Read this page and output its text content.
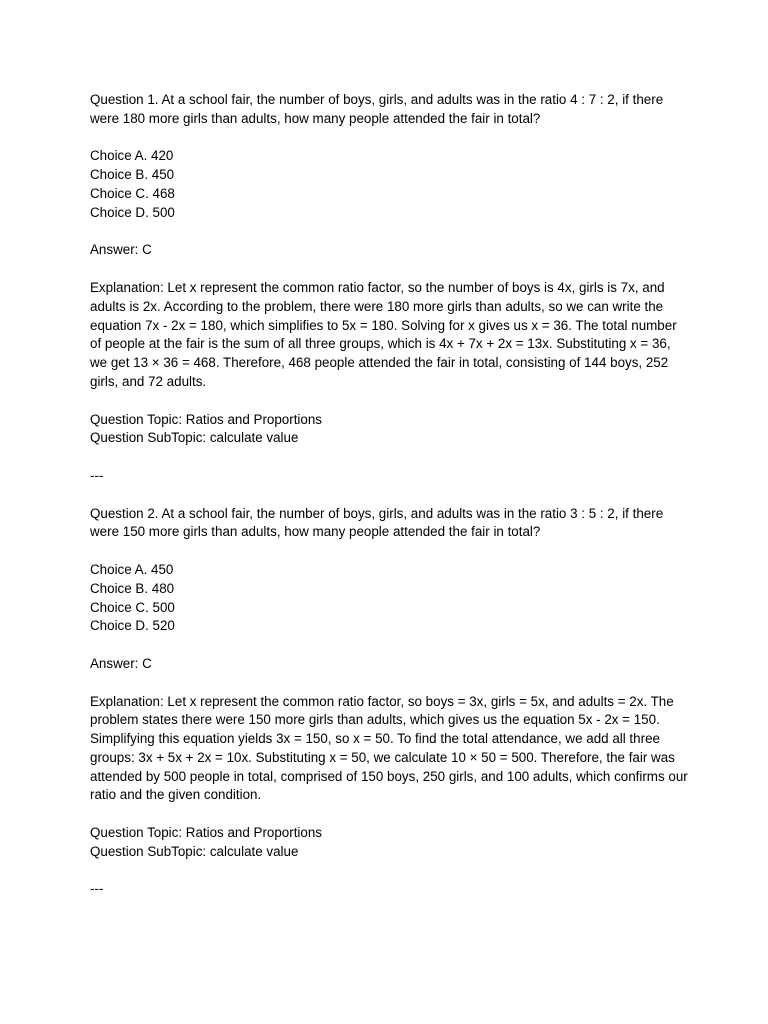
Question 1. At a school fair, the number of boys, girls, and adults was in the ratio 4 : 7 : 2, if there were 180 more girls than adults, how many people attended the fair in total?

Choice A. 420
Choice B. 450
Choice C. 468
Choice D. 500

Answer: C

Explanation: Let x represent the common ratio factor, so the number of boys is 4x, girls is 7x, and adults is 2x. According to the problem, there were 180 more girls than adults, so we can write the equation 7x - 2x = 180, which simplifies to 5x = 180. Solving for x gives us x = 36. The total number of people at the fair is the sum of all three groups, which is 4x + 7x + 2x = 13x. Substituting x = 36, we get 13 × 36 = 468. Therefore, 468 people attended the fair in total, consisting of 144 boys, 252 girls, and 72 adults.

Question Topic: Ratios and Proportions
Question SubTopic: calculate value

---

Question 2. At a school fair, the number of boys, girls, and adults was in the ratio 3 : 5 : 2, if there were 150 more girls than adults, how many people attended the fair in total?

Choice A. 450
Choice B. 480
Choice C. 500
Choice D. 520

Answer: C

Explanation: Let x represent the common ratio factor, so boys = 3x, girls = 5x, and adults = 2x. The problem states there were 150 more girls than adults, which gives us the equation 5x - 2x = 150. Simplifying this equation yields 3x = 150, so x = 50. To find the total attendance, we add all three groups: 3x + 5x + 2x = 10x. Substituting x = 50, we calculate 10 × 50 = 500. Therefore, the fair was attended by 500 people in total, comprised of 150 boys, 250 girls, and 100 adults, which confirms our ratio and the given condition.

Question Topic: Ratios and Proportions
Question SubTopic: calculate value

---
